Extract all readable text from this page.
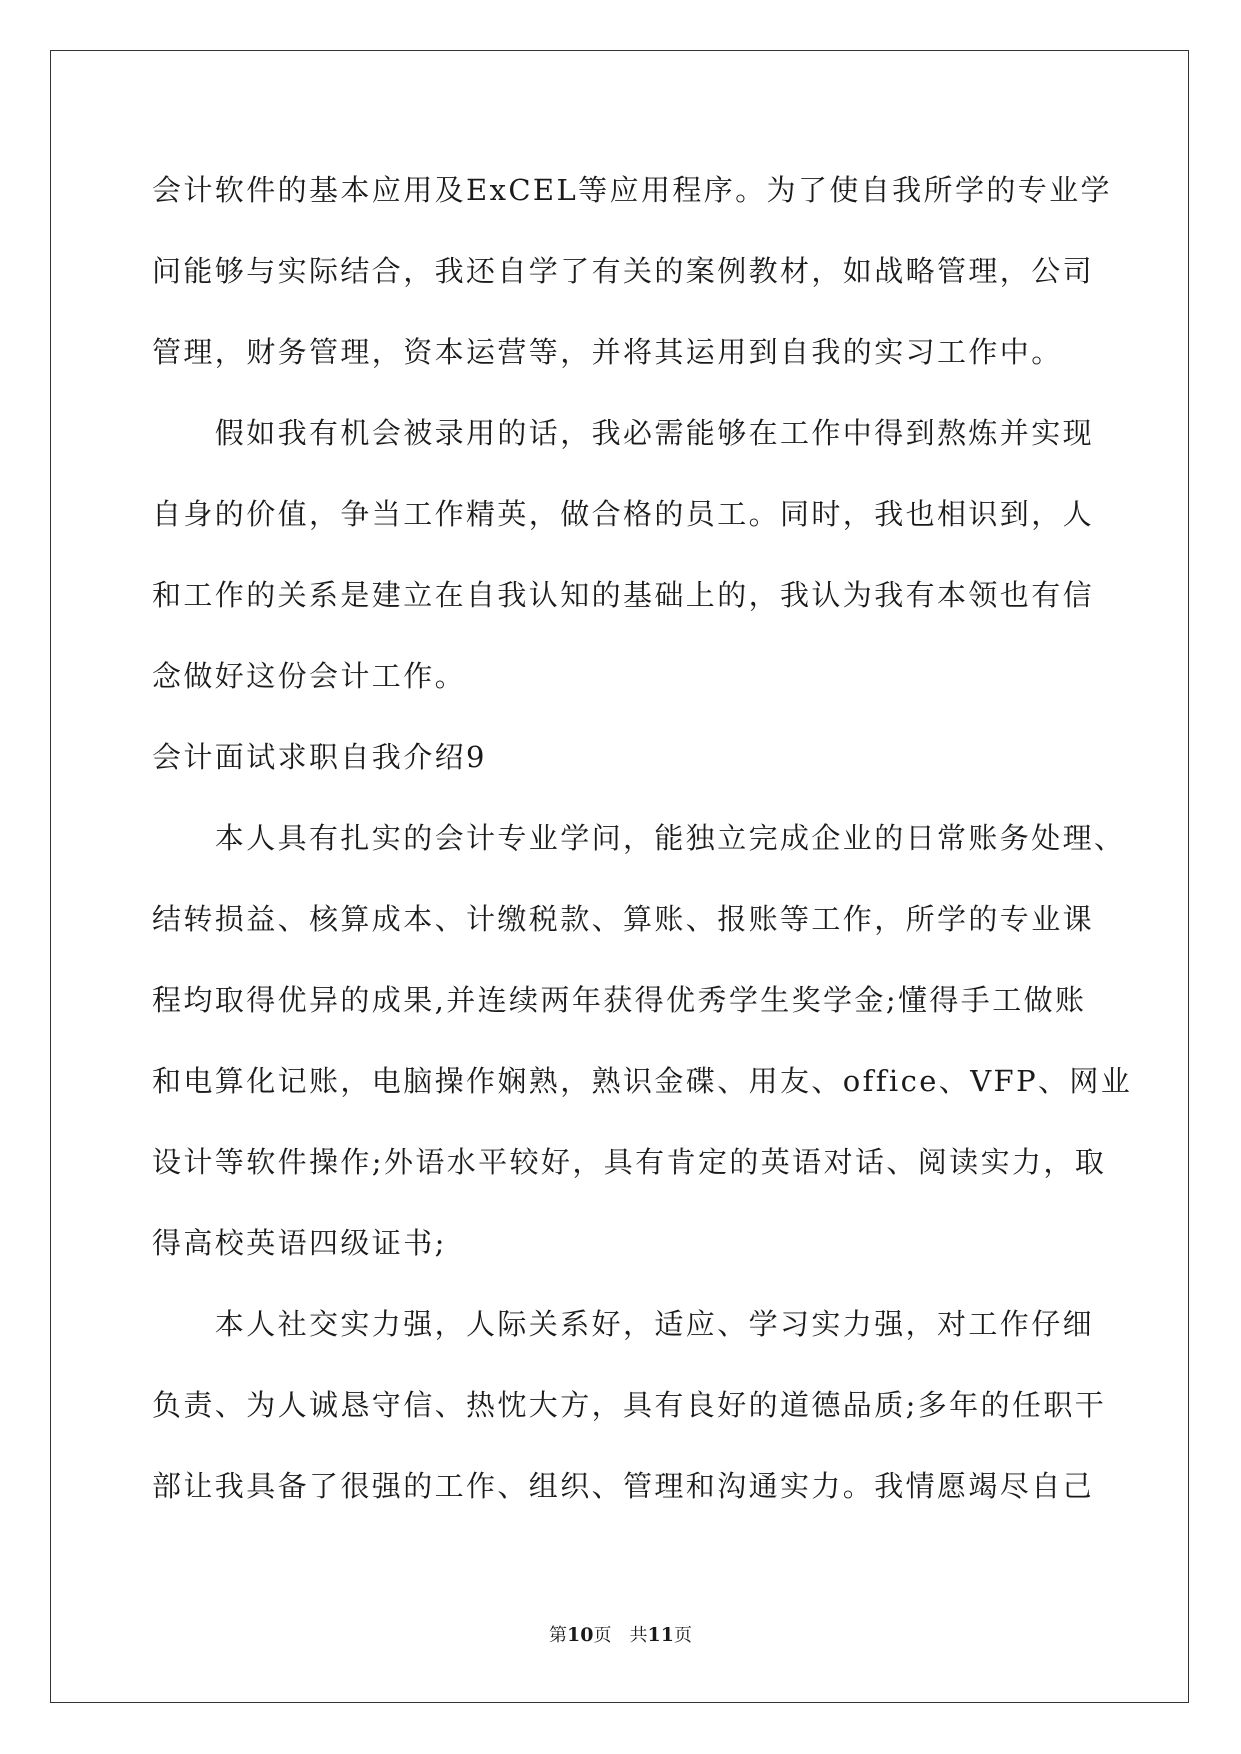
会计软件的基本应用及ExCEL等应用程序。为了使自我所学的专业学
问能够与实际结合，我还自学了有关的案例教材，如战略管理，公司
管理，财务管理，资本运营等，并将其运用到自我的实习工作中。
　　假如我有机会被录用的话，我必需能够在工作中得到熬炼并实现
自身的价值，争当工作精英，做合格的员工。同时，我也相识到，人
和工作的关系是建立在自我认知的基础上的，我认为我有本领也有信
念做好这份会计工作。
会计面试求职自我介绍9
　　本人具有扎实的会计专业学问，能独立完成企业的日常账务处理、
结转损益、核算成本、计缴税款、算账、报账等工作，所学的专业课
程均取得优异的成果,并连续两年获得优秀学生奖学金;懂得手工做账
和电算化记账，电脑操作娴熟，熟识金碟、用友、office、VFP、网业
设计等软件操作;外语水平较好，具有肯定的英语对话、阅读实力，取
得高校英语四级证书;
　　本人社交实力强，人际关系好，适应、学习实力强，对工作仔细
负责、为人诚恳守信、热忱大方，具有良好的道德品质;多年的任职干
部让我具备了很强的工作、组织、管理和沟通实力。我情愿竭尽自己
第10页 共11页
